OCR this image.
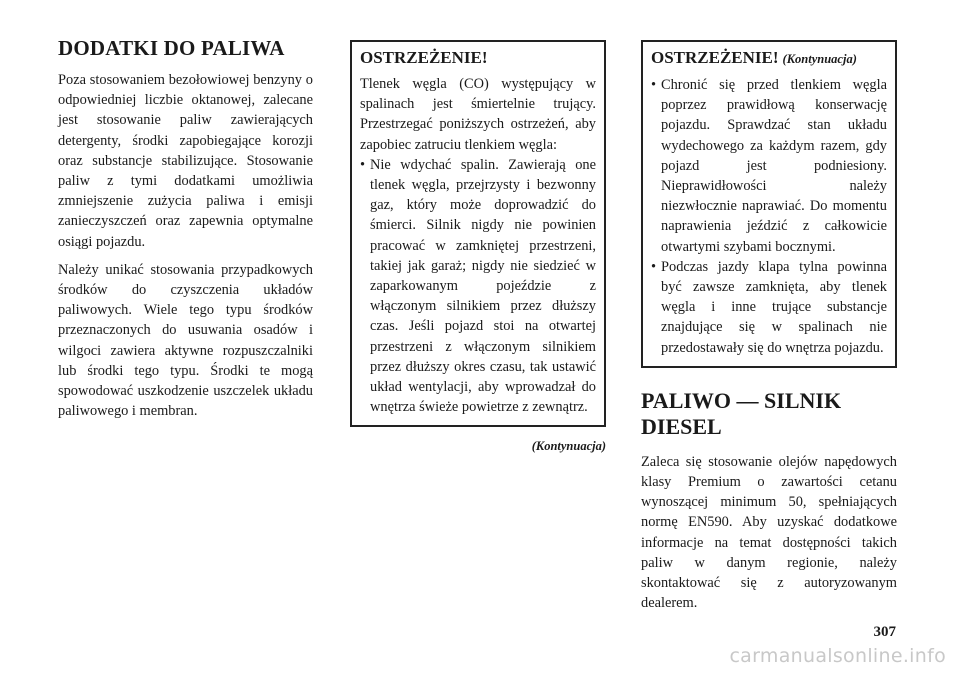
DODATKI DO PALIWA

Poza stosowaniem bezołowiowej benzyny o odpowiedniej liczbie oktanowej, zalecane jest stosowanie paliw zawierających detergenty, środki zapobiegające korozji oraz substancje stabilizujące. Stosowanie paliw z tymi dodatkami umożliwia zmniejszenie zużycia paliwa i emisji zanieczyszczeń oraz zapewnia optymalne osiągi pojazdu.

Należy unikać stosowania przypadkowych środków do czyszczenia układów paliwowych. Wiele tego typu środków przeznaczonych do usuwania osadów i wilgoci zawiera aktywne rozpuszczalniki lub środki tego typu. Środki te mogą spowodować uszkodzenie uszczelek układu paliwowego i membran.

OSTRZEŻENIE!

Tlenek węgla (CO) występujący w spalinach jest śmiertelnie trujący. Przestrzegać poniższych ostrzeżeń, aby zapobiec zatruciu tlenkiem węgla:

• Nie wdychać spalin. Zawierają one tlenek węgla, przejrzysty i bezwonny gaz, który może doprowadzić do śmierci. Silnik nigdy nie powinien pracować w zamkniętej przestrzeni, takiej jak garaż; nigdy nie siedzieć w zaparkowanym pojeździe z włączonym silnikiem przez dłuższy czas. Jeśli pojazd stoi na otwartej przestrzeni z włączonym silnikiem przez dłuższy okres czasu, tak ustawić układ wentylacji, aby wprowadzał do wnętrza świeże powietrze z zewnątrz.
(Kontynuacja)
OSTRZEŻENIE! (Kontynuacja)
• Chronić się przed tlenkiem węgla poprzez prawidłową konserwację pojazdu. Sprawdzać stan układu wydechowego za każdym razem, gdy pojazd jest podniesiony. Nieprawidłowości należy niezwłocznie naprawiać. Do momentu naprawienia jeździć z całkowicie otwartymi szybami bocznymi.
• Podczas jazdy klapa tylna powinna być zawsze zamknięta, aby tlenek węgla i inne trujące substancje znajdujące się w spalinach nie przedostawały się do wnętrza pojazdu.
PALIWO — SILNIK
DIESEL

Zaleca się stosowanie olejów napędowych klasy Premium o zawartości cetanu wynoszącej minimum 50, spełniających normę EN590. Aby uzyskać dodatkowe informacje na temat dostępności takich paliw w danym regionie, należy skontaktować się z autoryzowanym dealerem.

307
carmanualsonline.info
